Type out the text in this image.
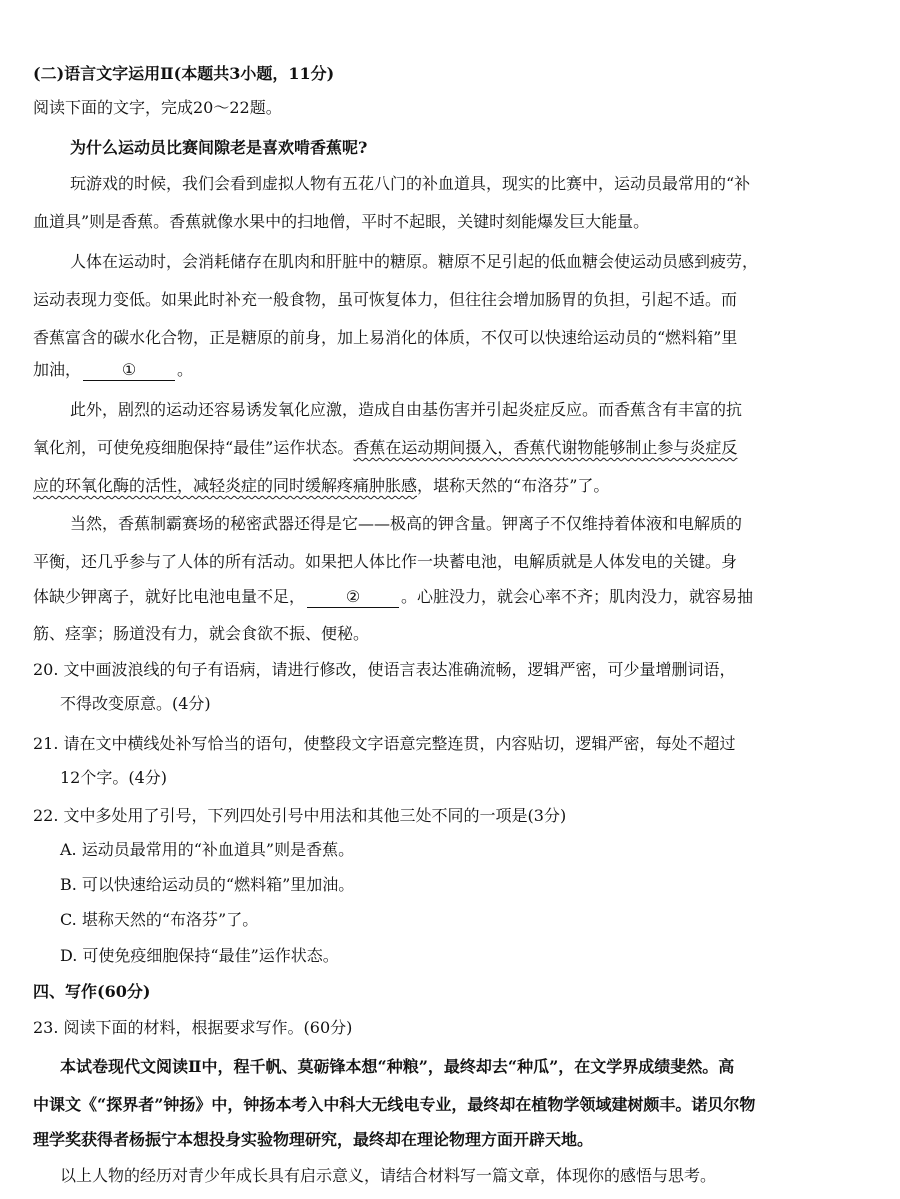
(二)语言文字运用Ⅱ(本题共3小题，11分)
阅读下面的文字，完成20～22题。
为什么运动员比赛间隙老是喜欢啃香蕉呢?
玩游戏的时候，我们会看到虚拟人物有五花八门的补血道具，现实的比赛中，运动员最常用的“补
血道具”则是香蕉。香蕉就像水果中的扫地僧，平时不起眼，关键时刻能爆发巨大能量。
人体在运动时，会消耗储存在肌肉和肝脏中的糖原。糖原不足引起的低血糖会使运动员感到疲劳，
运动表现力变低。如果此时补充一般食物，虽可恢复体力，但往往会增加肠胃的负担，引起不适。而
香蕉富含的碳水化合物，正是糖原的前身，加上易消化的体质，不仅可以快速给运动员的“燃料箱”里
加油，	①	。
此外，剧烈的运动还容易诱发氧化应激，造成自由基伤害并引起炎症反应。而香蕉含有丰富的抗
氧化剂，可使免疫细胞保持“最佳”运作状态。香蕉在运动期间摄入，香蕉代谢物能够制止参与炎症反
应的环氧化酶的活性，减轻炎症的同时缓解疼痛肿胀感，堪称天然的“布洛芬”了。
当然，香蕉制霸赛场的秘密武器还得是它——极高的钾含量。钾离子不仅维持着体液和电解质的
平衡，还几乎参与了人体的所有活动。如果把人体比作一块蓄电池，电解质就是人体发电的关键。身
体缺少钾离子，就好比电池电量不足，	②	。心脏没力，就会心率不齐；肌肉没力，就容易抽
筋、痉挛；肠道没有力，就会食欲不振、便秘。
20. 文中画波浪线的句子有语病，请进行修改，使语言表达准确流畅，逻辑严密，可少量增删词语，
不得改变原意。(4分)
21. 请在文中横线处补写恰当的语句，使整段文字语意完整连贯，内容贴切，逻辑严密，每处不超过
12个字。(4分)
22. 文中多处用了引号，下列四处引号中用法和其他三处不同的一项是(3分)
A. 运动员最常用的“补血道具”则是香蕉。
B. 可以快速给运动员的“燃料箱”里加油。
C. 堪称天然的“布洛芬”了。
D. 可使免疫细胞保持“最佳”运作状态。
四、写作(60分)
23. 阅读下面的材料，根据要求写作。(60分)
本试卷现代文阅读Ⅱ中，程千帆、莫砺锋本想“种粮”，最终却去“种瓜”，在文学界成绩斐然。高
中课文《“探界者”钟扬》中，钟扬本考入中科大无线电专业，最终却在植物学领域建树颇丰。诺贝尔物
理学奖获得者杨振宁本想投身实验物理研究，最终却在理论物理方面开辟天地。
以上人物的经历对青少年成长具有启示意义，请结合材料写一篇文章，体现你的感悟与思考。
